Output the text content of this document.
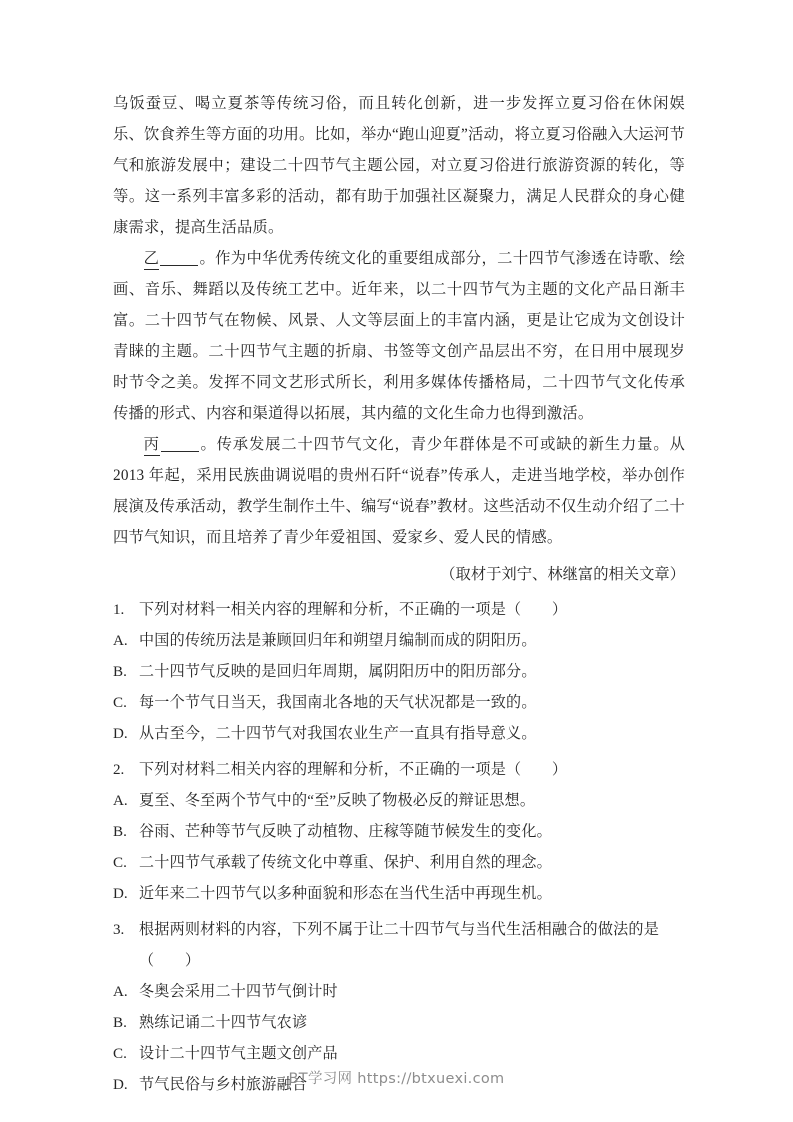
乌饭蚕豆、喝立夏茶等传统习俗，而且转化创新，进一步发挥立夏习俗在休闲娱乐、饮食养生等方面的功用。比如，举办“跑山迎夏”活动，将立夏习俗融入大运河节气和旅游发展中；建设二十四节气主题公园，对立夏习俗进行旅游资源的转化，等等。这一系列丰富多彩的活动，都有助于加强社区凝聚力，满足人民群众的身心健康需求，提高生活品质。

乙	。作为中华优秀传统文化的重要组成部分，二十四节气渗透在诗歌、绘画、音乐、舞蹈以及传统工艺中。近年来，以二十四节气为主题的文化产品日渐丰富。二十四节气在物候、风景、人文等层面上的丰富内涵，更是让它成为文创设计青睐的主题。二十四节气主题的折扇、书签等文创产品层出不穷，在日用中展现岁时节令之美。发挥不同文艺形式所长，利用多媒体传播格局，二十四节气文化传承传播的形式、内容和渠道得以拓展，其内蕴的文化生命力也得到激活。

丙	。传承发展二十四节气文化，青少年群体是不可或缺的新生力量。从 2013 年起，采用民族曲调说唱的贵州石阡“说春”传承人，走进当地学校，举办创作展演及传承活动，教学生制作土牛、编写“说春”教材。这些活动不仅生动介绍了二十四节气知识，而且培养了青少年爱祖国、爱家乡、爱人民的情感。

（取材于刘宁、林继富的相关文章）

1. 下列对材料一相关内容的理解和分析，不正确的一项是（　　）
A. 中国的传统历法是兼顾回归年和朔望月编制而成的阴阳历。
B. 二十四节气反映的是回归年周期，属阴阳历中的阳历部分。
C. 每一个节气日当天，我国南北各地的天气状况都是一致的。
D. 从古至今，二十四节气对我国农业生产一直具有指导意义。
2. 下列对材料二相关内容的理解和分析，不正确的一项是（　　）
A. 夏至、冬至两个节气中的“至”反映了物极必反的辩证思想。
B. 谷雨、芒种等节气反映了动植物、庄稼等随节候发生的变化。
C. 二十四节气承载了传统文化中尊重、保护、利用自然的理念。
D. 近年来二十四节气以多种面貌和形态在当代生活中再现生机。
3. 根据两则材料的内容，下列不属于让二十四节气与当代生活相融合的做法的是（　　）
A. 冬奥会采用二十四节气倒计时
B. 熟练记诵二十四节气农谚
C. 设计二十四节气主题文创产品
D. 节气民俗与乡村旅游融合
BT学习网 https://btxuexi.com
